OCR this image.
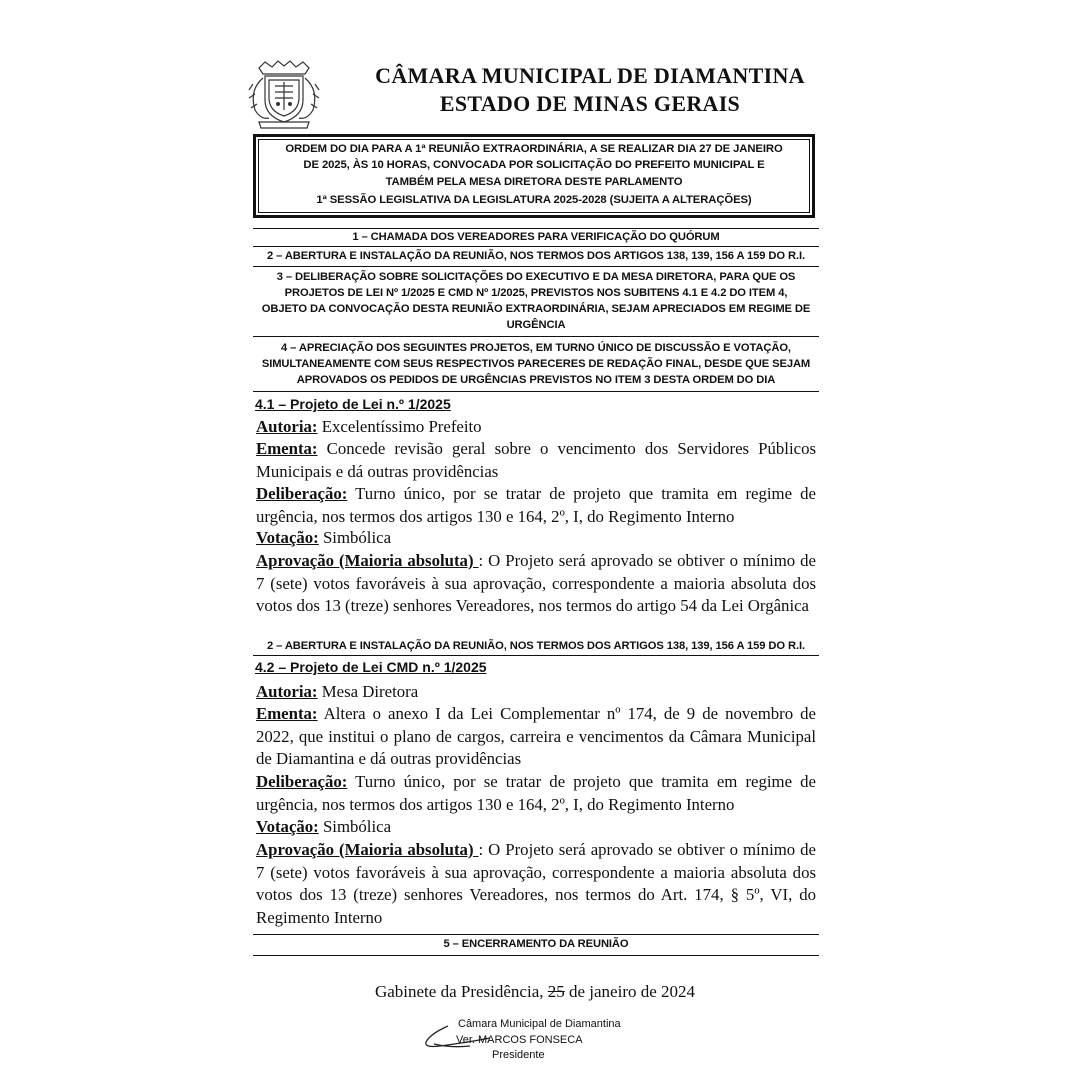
CÂMARA MUNICIPAL DE DIAMANTINA
ESTADO DE MINAS GERAIS
ORDEM DO DIA PARA A 1ª REUNIÃO EXTRAORDINÁRIA, A SE REALIZAR DIA 27 DE JANEIRO
DE 2025, ÀS 10 HORAS, CONVOCADA POR SOLICITAÇÃO DO PREFEITO MUNICIPAL E
TAMBÉM PELA MESA DIRETORA DESTE PARLAMENTO
1ª SESSÃO LEGISLATIVA DA LEGISLATURA 2025-2028 (SUJEITA A ALTERAÇÕES)
1 – CHAMADA DOS VEREADORES PARA VERIFICAÇÃO DO QUÓRUM
2 – ABERTURA E INSTALAÇÃO DA REUNIÃO, NOS TERMOS DOS ARTIGOS 138, 139, 156 A 159 DO R.I.
3 – DELIBERAÇÃO SOBRE SOLICITAÇÕES DO EXECUTIVO E DA MESA DIRETORA, PARA QUE OS
PROJETOS DE LEI Nº 1/2025 E CMD Nº 1/2025, PREVISTOS NOS SUBITENS 4.1 E 4.2 DO ITEM 4,
OBJETO DA CONVOCAÇÃO DESTA REUNIÃO EXTRAORDINÁRIA, SEJAM APRECIADOS EM REGIME DE
URGÊNCIA
4 – APRECIAÇÃO DOS SEGUINTES PROJETOS, EM TURNO ÚNICO DE DISCUSSÃO E VOTAÇÃO,
SIMULTANEAMENTE COM SEUS RESPECTIVOS PARECERES DE REDAÇÃO FINAL, DESDE QUE SEJAM
APROVADOS OS PEDIDOS DE URGÊNCIAS PREVISTOS NO ITEM 3 DESTA ORDEM DO DIA
4.1 – Projeto de Lei n.º 1/2025
Autoria: Excelentíssimo Prefeito
Ementa: Concede revisão geral sobre o vencimento dos Servidores Públicos Municipais e dá outras providências
Deliberação: Turno único, por se tratar de projeto que tramita em regime de urgência, nos termos dos artigos 130 e 164, 2º, I, do Regimento Interno
Votação: Simbólica
Aprovação (Maioria absoluta) : O Projeto será aprovado se obtiver o mínimo de 7 (sete) votos favoráveis à sua aprovação, correspondente a maioria absoluta dos votos dos 13 (treze) senhores Vereadores, nos termos do artigo 54 da Lei Orgânica
2 – ABERTURA E INSTALAÇÃO DA REUNIÃO, NOS TERMOS DOS ARTIGOS 138, 139, 156 A 159 DO R.I.
4.2 – Projeto de Lei CMD n.º 1/2025
Autoria: Mesa Diretora
Ementa: Altera o anexo I da Lei Complementar nº 174, de 9 de novembro de 2022, que institui o plano de cargos, carreira e vencimentos da Câmara Municipal de Diamantina e dá outras providências
Deliberação: Turno único, por se tratar de projeto que tramita em regime de urgência, nos termos dos artigos 130 e 164, 2º, I, do Regimento Interno
Votação: Simbólica
Aprovação (Maioria absoluta) : O Projeto será aprovado se obtiver o mínimo de 7 (sete) votos favoráveis à sua aprovação, correspondente a maioria absoluta dos votos dos 13 (treze) senhores Vereadores, nos termos do Art. 174, § 5º, VI, do Regimento Interno
5 – ENCERRAMENTO DA REUNIÃO
Gabinete da Presidência, 25 de janeiro de 2024
Câmara Municipal de Diamantina
Ver. MARCOS FONSECA
Presidente
